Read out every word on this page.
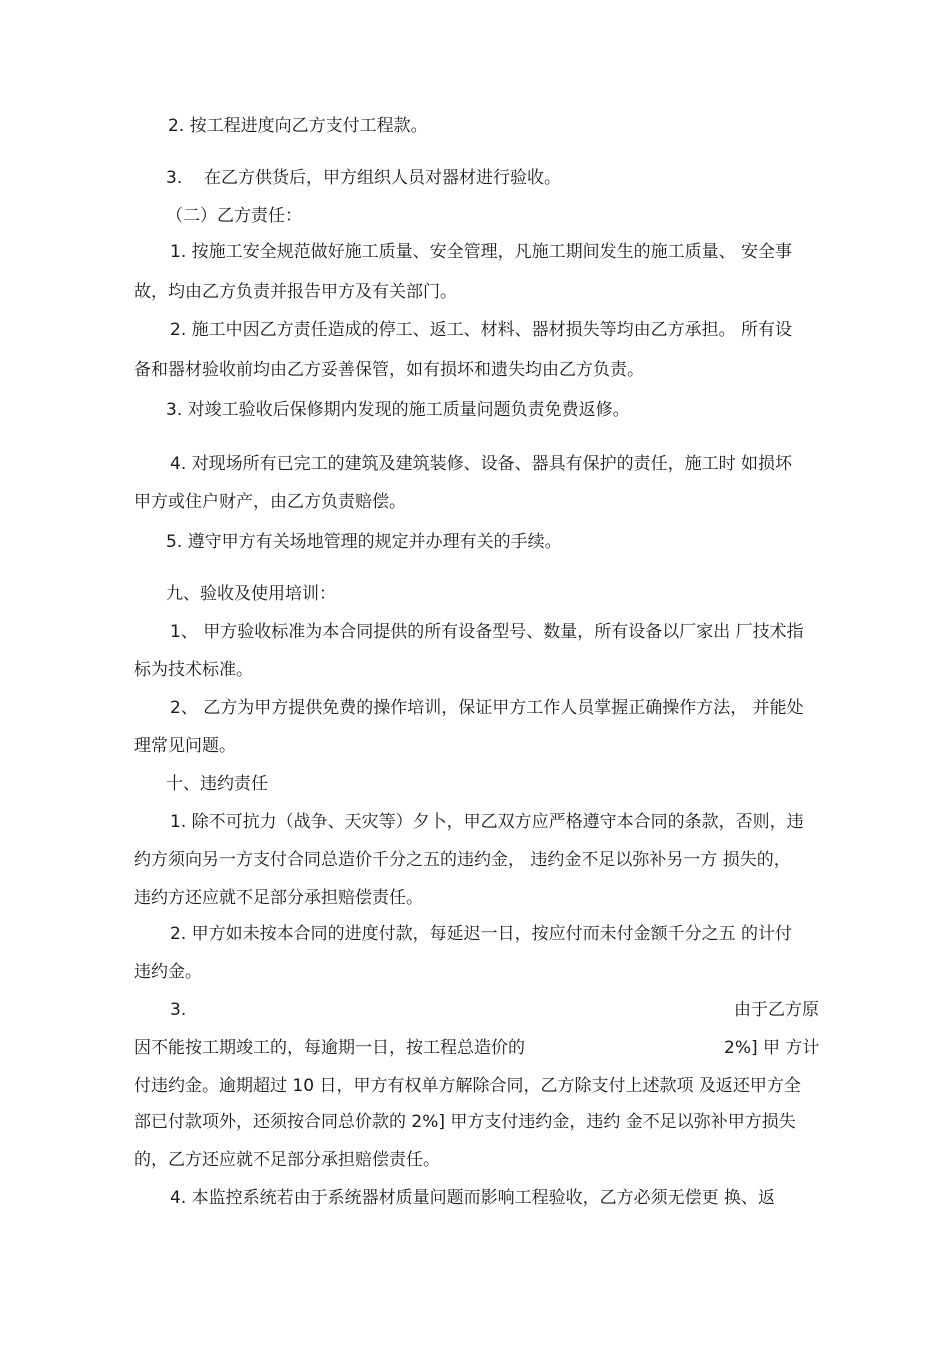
2. 按工程进度向乙方支付工程款。
3. 在乙方供货后，甲方组织人员对器材进行验收。
（二）乙方责任：
1. 按施工安全规范做好施工质量、安全管理，凡施工期间发生的施工质量、 安全事
故，均由乙方负责并报告甲方及有关部门。
2. 施工中因乙方责任造成的停工、返工、材料、器材损失等均由乙方承担。 所有设
备和器材验收前均由乙方妥善保管，如有损坏和遗失均由乙方负责。
3. 对竣工验收后保修期内发现的施工质量问题负责免费返修。
4. 对现场所有已完工的建筑及建筑装修、设备、器具有保护的责任，施工时 如损坏
甲方或住户财产，由乙方负责赔偿。
5. 遵守甲方有关场地管理的规定并办理有关的手续。
九、验收及使用培训：
1、 甲方验收标准为本合同提供的所有设备型号、数量，所有设备以厂家出 厂技术指
标为技术标准。
2、 乙方为甲方提供免费的操作培训，保证甲方工作人员掌握正确操作方法， 并能处
理常见问题。
十、违约责任
1. 除不可抗力（战争、天灾等）夕卜，甲乙双方应严格遵守本合同的条款，否则，违
约方须向另一方支付合同总造价千分之五的违约金， 违约金不足以弥补另一方 损失的，
违约方还应就不足部分承担赔偿责任。
2. 甲方如未按本合同的进度付款，每延迟一日，按应付而未付金额千分之五 的计付
违约金。
3.	由于乙方原
因不能按工期竣工的，每逾期一日，按工程总造价的	2%] 甲 方计
付违约金。逾期超过 10 日，甲方有权单方解除合同，乙方除支付上述款项 及返还甲方全
部已付款项外，还须按合同总价款的 2%] 甲方支付违约金，违约 金不足以弥补甲方损失
的，乙方还应就不足部分承担赔偿责任。
4. 本监控系统若由于系统器材质量问题而影响工程验收，乙方必须无偿更 换、返
